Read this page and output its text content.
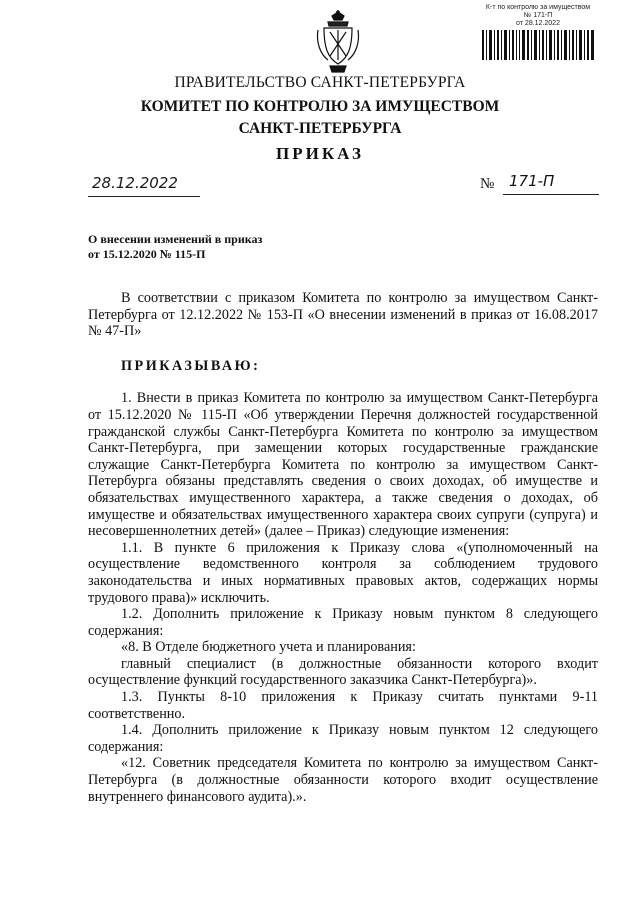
К-т по контролю за имуществом
№ 171-П
от 28.12.2022
ПРАВИТЕЛЬСТВО САНКТ-ПЕТЕРБУРГА
КОМИТЕТ ПО КОНТРОЛЮ ЗА ИМУЩЕСТВОМ
САНКТ-ПЕТЕРБУРГА
ПРИКАЗ
28.12.2022	№ 171-П
О внесении изменений в приказ
от 15.12.2020 № 115-П

В соответствии с приказом Комитета по контролю за имуществом Санкт-Петербурга от 12.12.2022 № 153-П «О внесении изменений в приказ от 16.08.2017 № 47-П»

ПРИКАЗЫВАЮ:

1. Внести в приказ Комитета по контролю за имуществом Санкт-Петербурга от 15.12.2020 № 115-П «Об утверждении Перечня должностей государственной гражданской службы Санкт-Петербурга Комитета по контролю за имуществом Санкт-Петербурга, при замещении которых государственные гражданские служащие Санкт-Петербурга Комитета по контролю за имуществом Санкт-Петербурга обязаны представлять сведения о своих доходах, об имуществе и обязательствах имущественного характера, а также сведения о доходах, об имуществе и обязательствах имущественного характера своих супруги (супруга) и несовершеннолетних детей» (далее – Приказ) следующие изменения:

1.1. В пункте 6 приложения к Приказу слова «(уполномоченный на осуществление ведомственного контроля за соблюдением трудового законодательства и иных нормативных правовых актов, содержащих нормы трудового права)» исключить.

1.2. Дополнить приложение к Приказу новым пунктом 8 следующего содержания:

«8. В Отделе бюджетного учета и планирования:

главный специалист (в должностные обязанности которого входит осуществление функций государственного заказчика Санкт-Петербурга)».

1.3. Пункты 8-10 приложения к Приказу считать пунктами 9-11 соответственно.

1.4. Дополнить приложение к Приказу новым пунктом 12 следующего содержания:

«12. Советник председателя Комитета по контролю за имуществом Санкт-Петербурга (в должностные обязанности которого входит осуществление внутреннего финансового аудита).».
